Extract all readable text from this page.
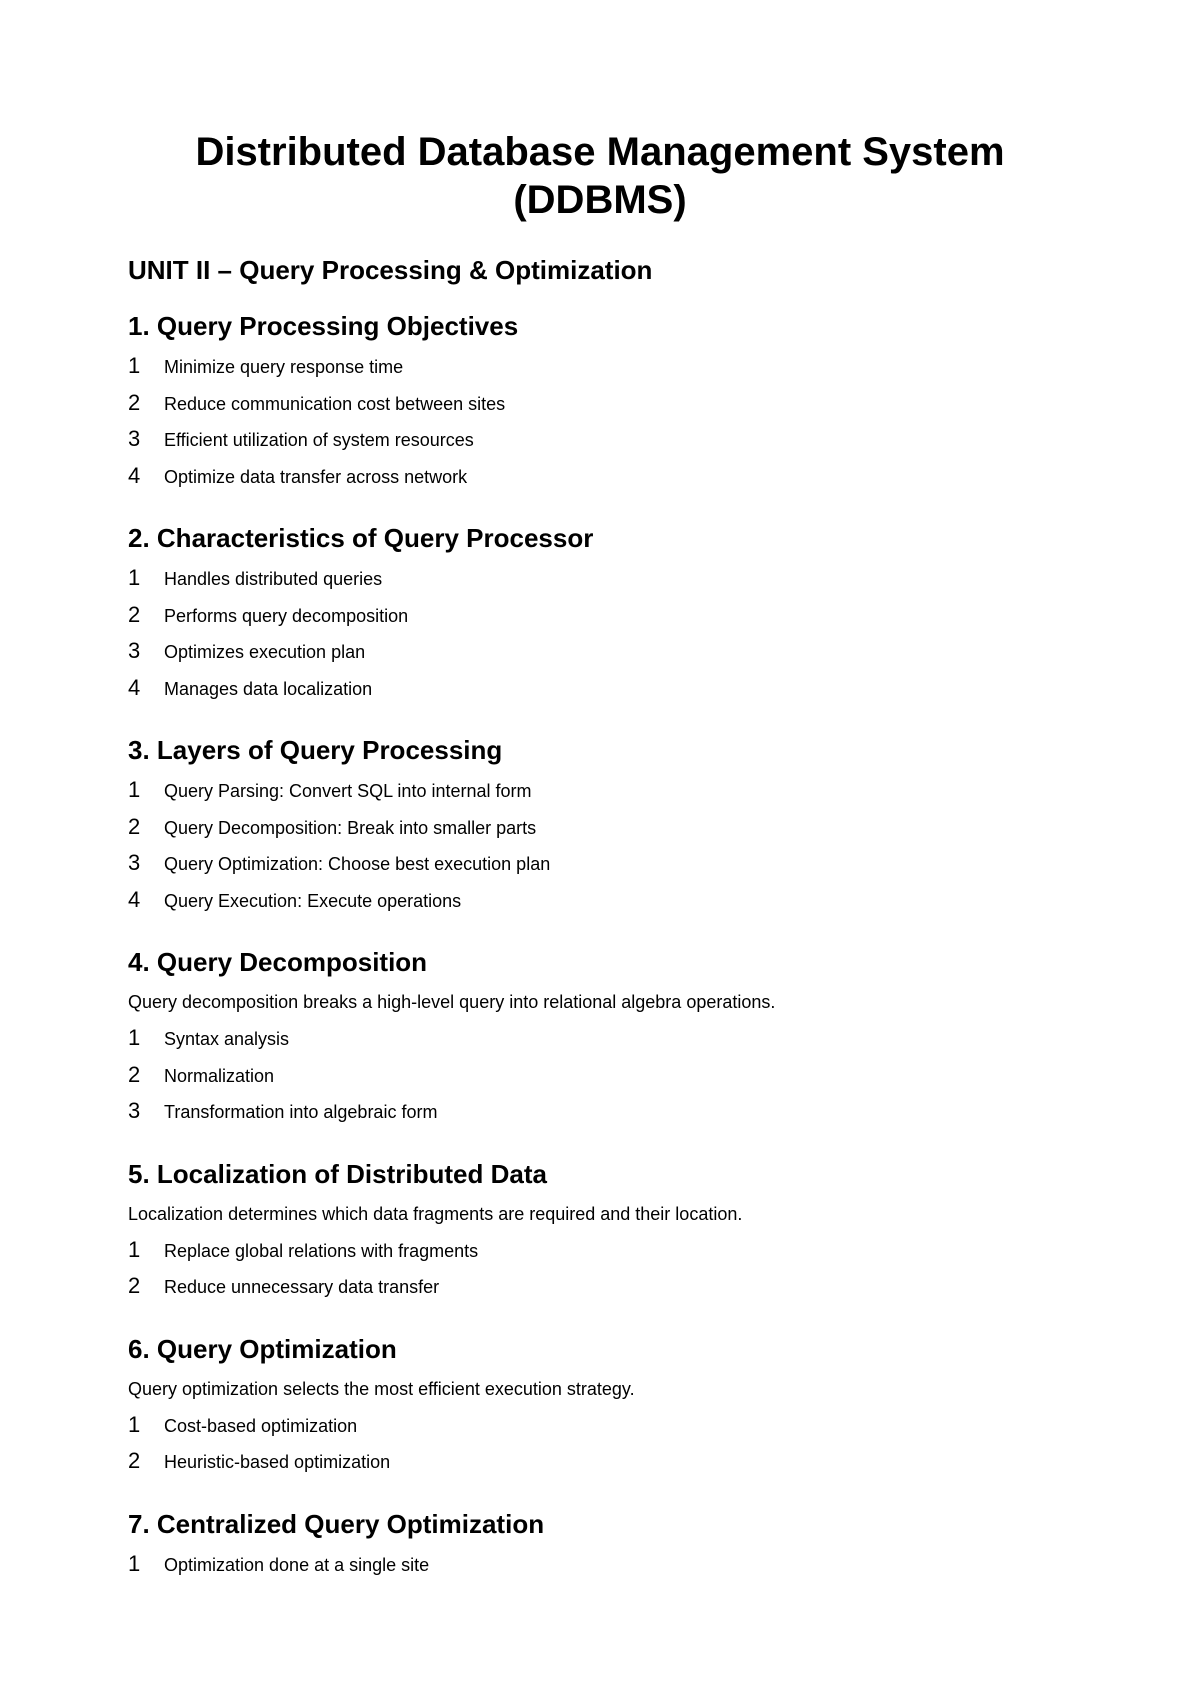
Distributed Database Management System
(DDBMS)
UNIT II – Query Processing & Optimization
1. Query Processing Objectives
1	Minimize query response time
2	Reduce communication cost between sites
3	Efficient utilization of system resources
4	Optimize data transfer across network
2. Characteristics of Query Processor
1	Handles distributed queries
2	Performs query decomposition
3	Optimizes execution plan
4	Manages data localization
3. Layers of Query Processing
1	Query Parsing: Convert SQL into internal form
2	Query Decomposition: Break into smaller parts
3	Query Optimization: Choose best execution plan
4	Query Execution: Execute operations
4. Query Decomposition

Query decomposition breaks a high-level query into relational algebra operations.

1	Syntax analysis
2	Normalization
3	Transformation into algebraic form
5. Localization of Distributed Data

Localization determines which data fragments are required and their location.

1	Replace global relations with fragments
2	Reduce unnecessary data transfer
6. Query Optimization

Query optimization selects the most efficient execution strategy.

1	Cost-based optimization
2	Heuristic-based optimization
7. Centralized Query Optimization
1	Optimization done at a single site
